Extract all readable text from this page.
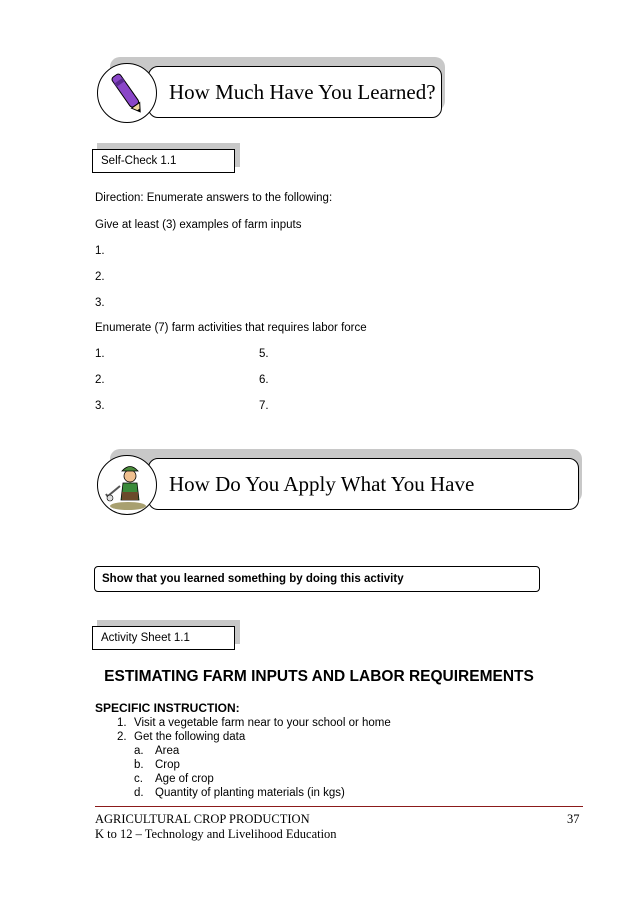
How Much Have You Learned?
Self-Check 1.1
Direction: Enumerate answers to the following:
Give at least (3) examples of farm inputs
1.
2.
3.
Enumerate (7) farm activities that requires labor force
1.
2.
3.
5.
6.
7.
How Do You Apply What You Have
Show that you learned something by doing this activity
Activity Sheet 1.1
ESTIMATING FARM INPUTS AND LABOR REQUIREMENTS
SPECIFIC INSTRUCTION:
1. Visit a vegetable farm near to your school or home
2. Get the following data
a. Area
b. Crop
c. Age of crop
d. Quantity of planting materials (in kgs)
AGRICULTURAL CROP PRODUCTION
K to 12 – Technology and Livelihood Education
37
